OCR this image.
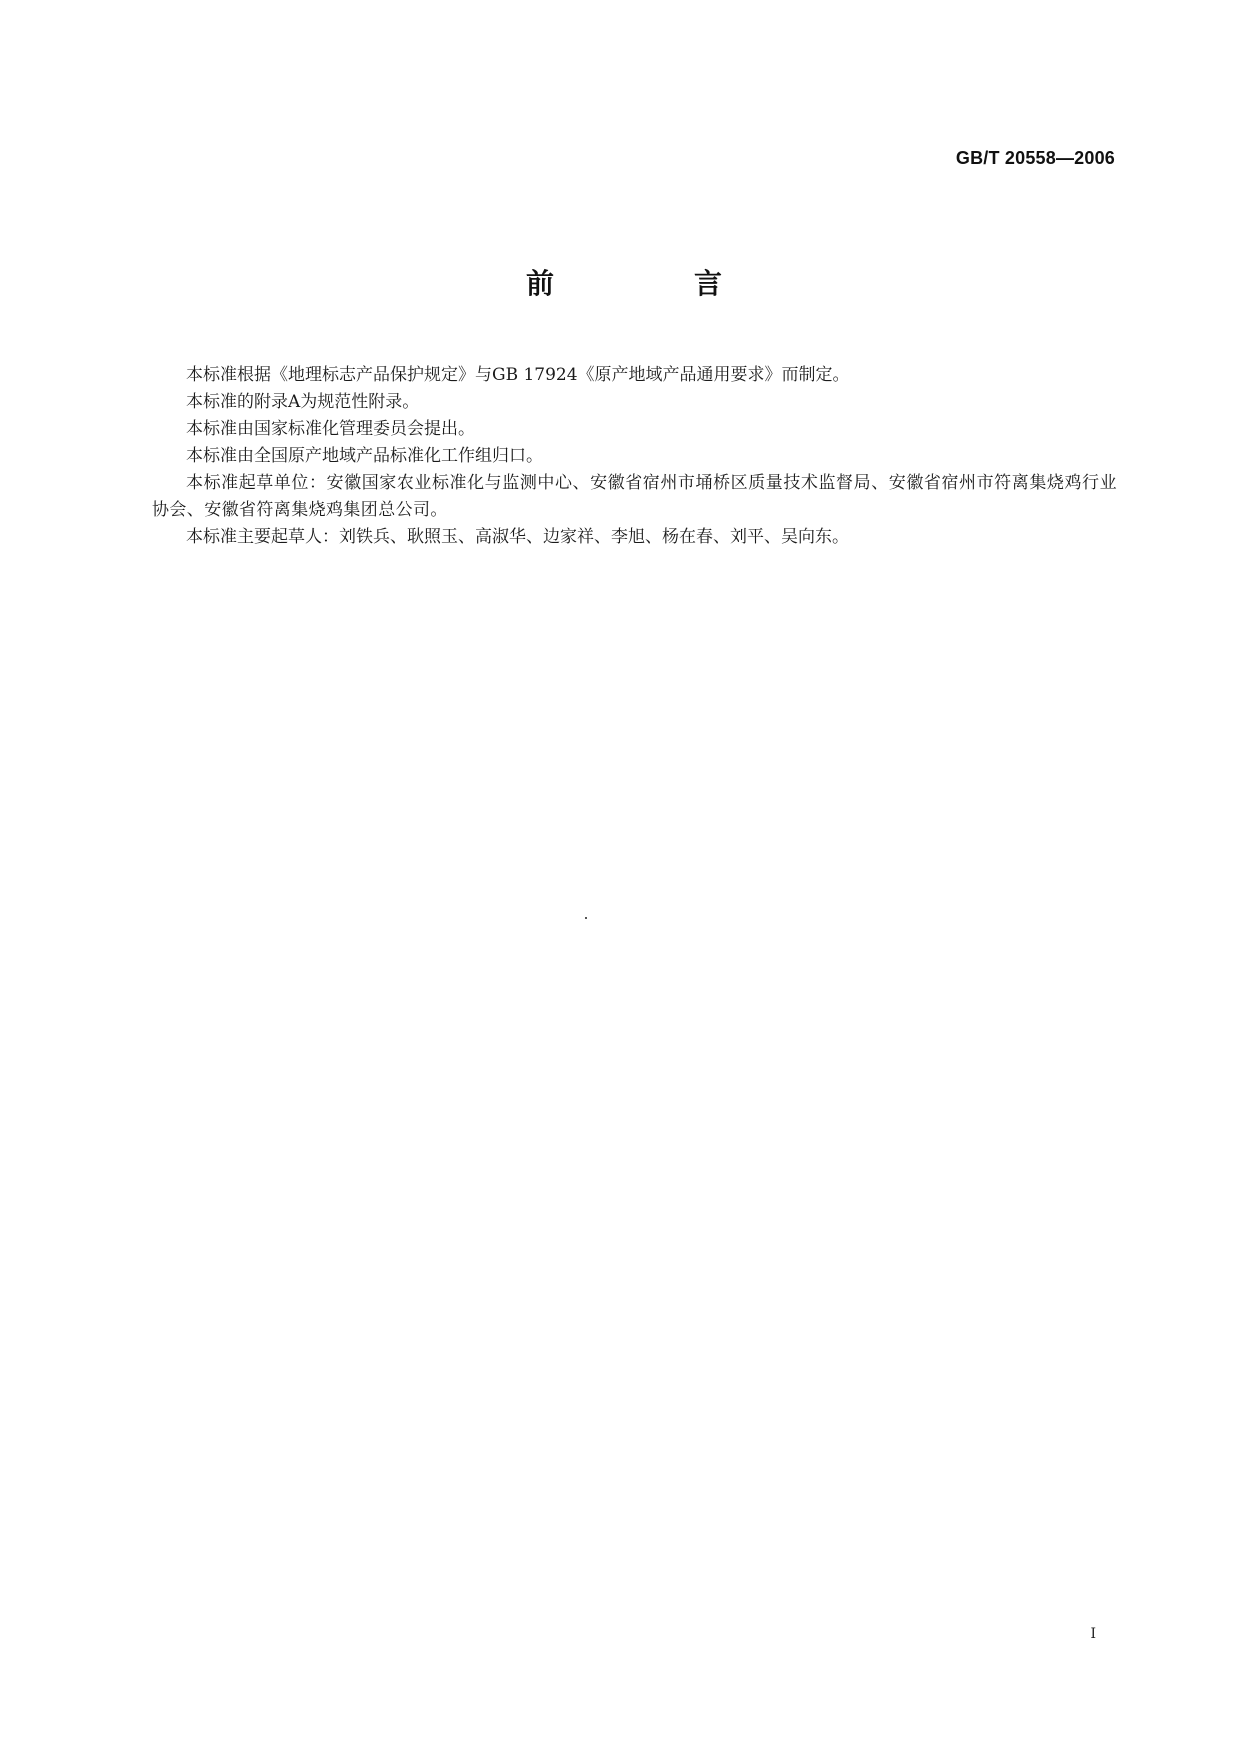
GB/T 20558—2006
前　言

本标准根据《地理标志产品保护规定》与GB 17924《原产地域产品通用要求》而制定。

本标准的附录A为规范性附录。

本标准由国家标准化管理委员会提出。

本标准由全国原产地域产品标准化工作组归口。

本标准起草单位：安徽国家农业标准化与监测中心、安徽省宿州市埇桥区质量技术监督局、安徽省宿州市符离集烧鸡行业协会、安徽省符离集烧鸡集团总公司。

本标准主要起草人：刘铁兵、耿照玉、高淑华、边家祥、李旭、杨在春、刘平、吴向东。

I
